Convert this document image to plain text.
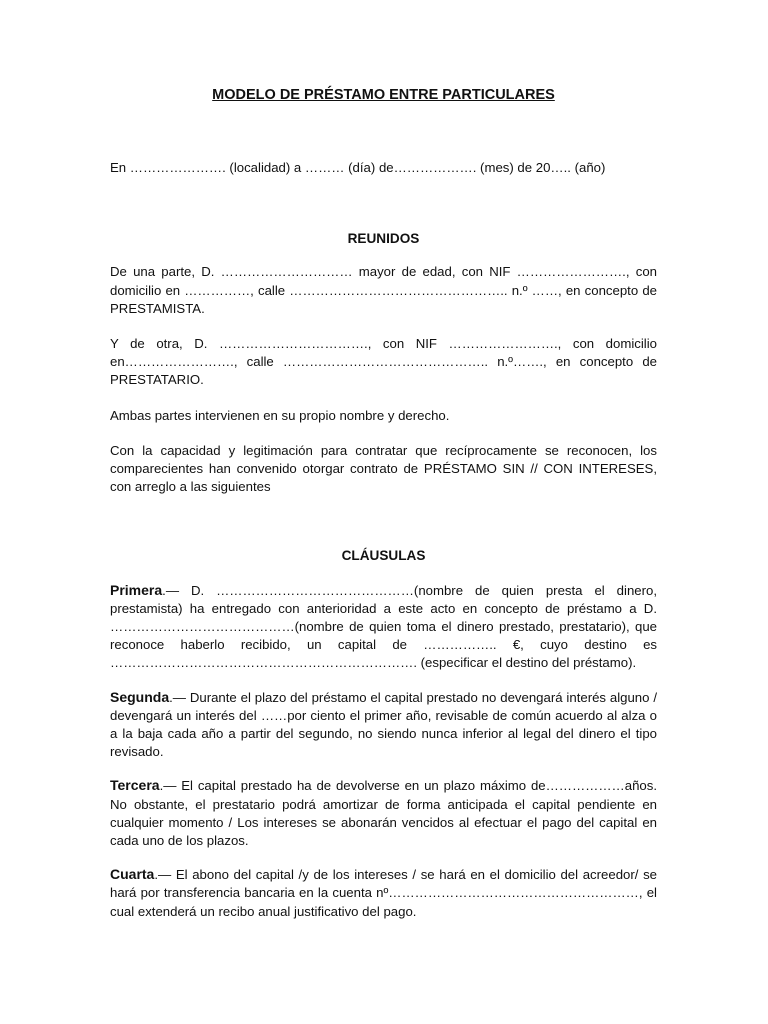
MODELO DE PRÉSTAMO ENTRE PARTICULARES

En …………………. (localidad) a ……… (día) de………………. (mes) de 20….. (año)

REUNIDOS

De una parte, D. ………………………… mayor de edad, con NIF ……………………., con domicilio en ……………, calle ………………………………………….. n.º ……, en concepto de PRESTAMISTA.

Y de otra, D. ……………………………., con NIF ……………………., con domicilio en……………………., calle ……………………………………….. n.º……., en concepto de PRESTATARIO.

Ambas partes intervienen en su propio nombre y derecho.

Con la capacidad y legitimación para contratar que recíprocamente se reconocen, los comparecientes han convenido otorgar contrato de PRÉSTAMO SIN // CON INTERESES, con arreglo a las siguientes

CLÁUSULAS

Primera.— D. ………………………………………(nombre de quien presta el dinero, prestamista) ha entregado con anterioridad a este acto en concepto de préstamo a D. ……………………………………(nombre de quien toma el dinero prestado, prestatario), que reconoce haberlo recibido, un capital de …………….. €, cuyo destino es ……………………………………………………………. (especificar el destino del préstamo).

Segunda.— Durante el plazo del préstamo el capital prestado no devengará interés alguno / devengará un interés del ……por ciento el primer año, revisable de común acuerdo al alza o a la baja cada año a partir del segundo, no siendo nunca inferior al legal del dinero el tipo revisado.

Tercera.— El capital prestado ha de devolverse en un plazo máximo de………………años. No obstante, el prestatario podrá amortizar de forma anticipada el capital pendiente en cualquier momento / Los intereses se abonarán vencidos al efectuar el pago del capital en cada uno de los plazos.

Cuarta.— El abono del capital /y de los intereses / se hará en el domicilio del acreedor/ se hará por transferencia bancaria en la cuenta nº…………………………………………………, el cual extenderá un recibo anual justificativo del pago.
